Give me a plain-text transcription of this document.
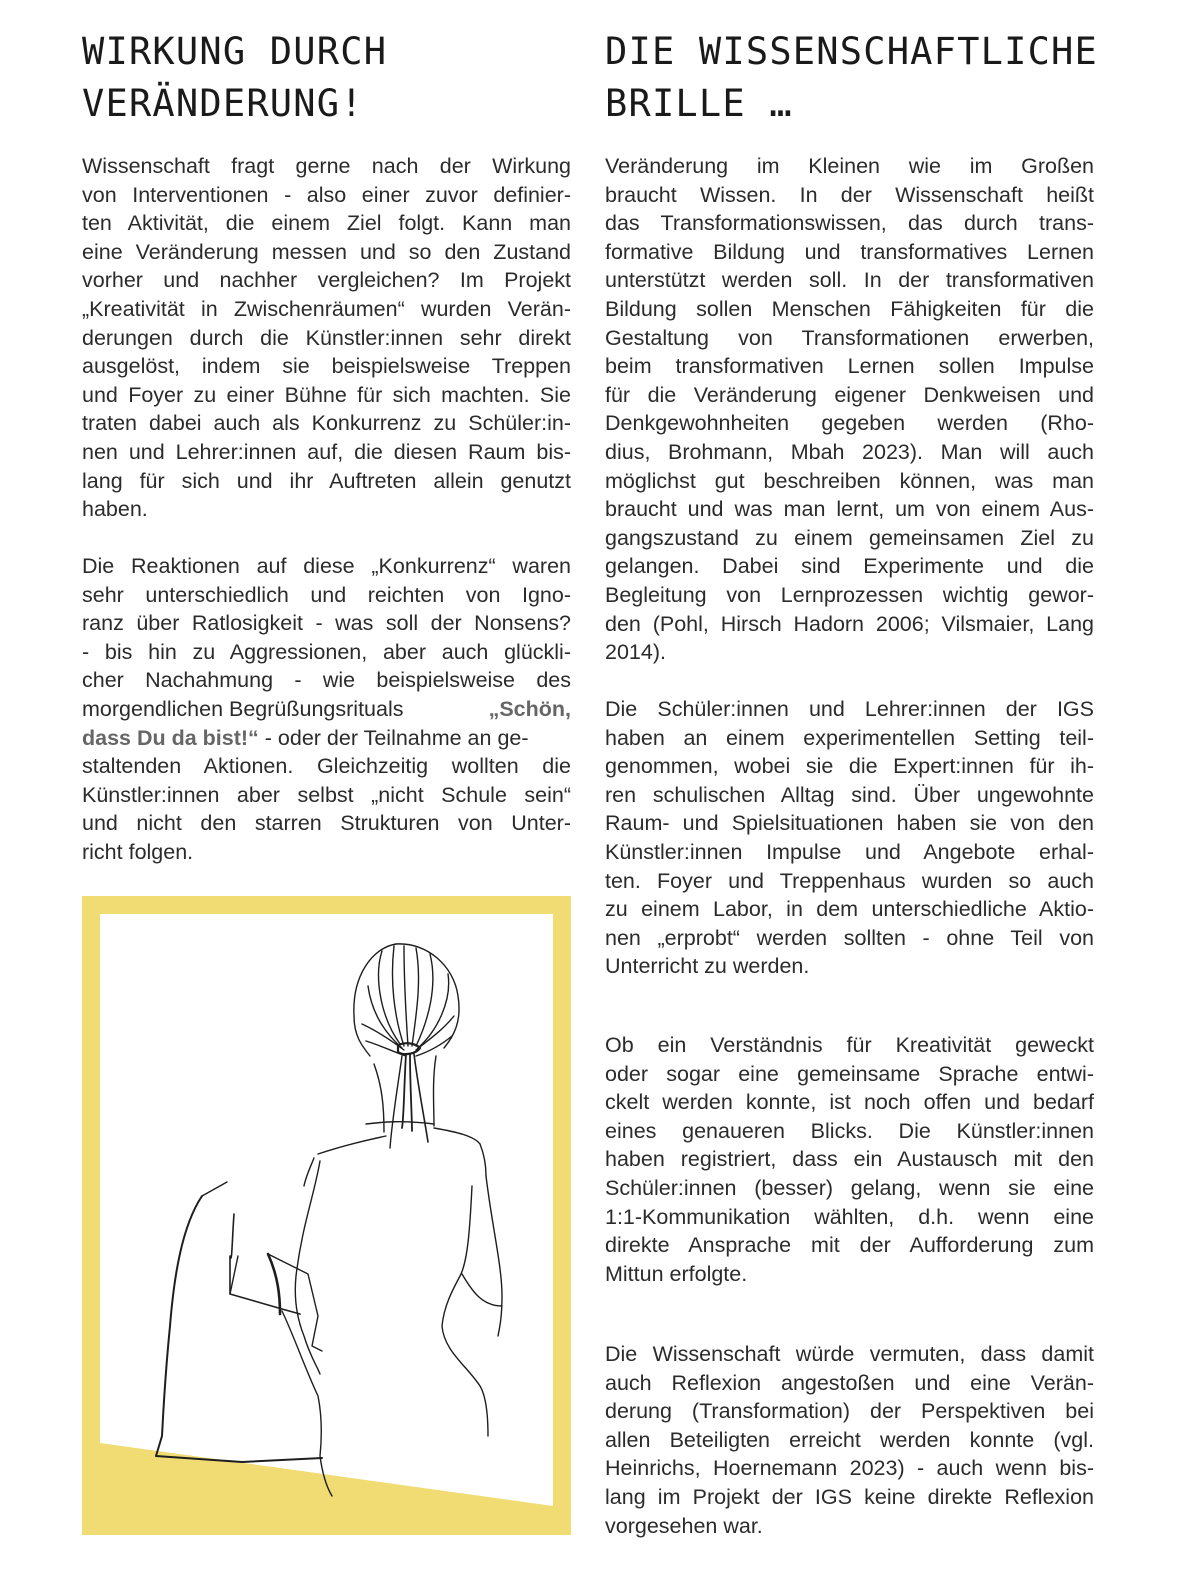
WIRKUNG DURCH
VERÄNDERUNG!
Wissenschaft fragt gerne nach der Wirkung
von Interventionen - also einer zuvor definier-
ten Aktivität, die einem Ziel folgt. Kann man
eine Veränderung messen und so den Zustand
vorher und nachher vergleichen? Im Projekt
„Kreativität in Zwischenräumen“ wurden Verän-
derungen durch die Künstler:innen sehr direkt
ausgelöst, indem sie beispielsweise Treppen
und Foyer zu einer Bühne für sich machten. Sie
traten dabei auch als Konkurrenz zu Schüler:in-
nen und Lehrer:innen auf, die diesen Raum bis-
lang für sich und ihr Auftreten allein genutzt
haben.
Die Reaktionen auf diese „Konkurrenz“ waren
sehr unterschiedlich und reichten von Igno-
ranz über Ratlosigkeit - was soll der Nonsens?
- bis hin zu Aggressionen, aber auch glückli-
cher Nachahmung - wie beispielsweise des
morgendlichen Begrüßungsrituals	„Schön,
dass Du da bist!“ - oder der Teilnahme an ge-
staltenden Aktionen. Gleichzeitig wollten die
Künstler:innen aber selbst „nicht Schule sein“
und nicht den starren Strukturen von Unter-
richt folgen.
DIE WISSENSCHAFTLICHE
BRILLE …
Veränderung im Kleinen wie im Großen
braucht Wissen. In der Wissenschaft heißt
das Transformationswissen, das durch trans-
formative Bildung und transformatives Lernen
unterstützt werden soll. In der transformativen
Bildung sollen Menschen Fähigkeiten für die
Gestaltung von Transformationen erwerben,
beim transformativen Lernen sollen Impulse
für die Veränderung eigener Denkweisen und
Denkgewohnheiten gegeben werden (Rho-
dius, Brohmann, Mbah 2023). Man will auch
möglichst gut beschreiben können, was man
braucht und was man lernt, um von einem Aus-
gangszustand zu einem gemeinsamen Ziel zu
gelangen. Dabei sind Experimente und die
Begleitung von Lernprozessen wichtig gewor-
den (Pohl, Hirsch Hadorn 2006; Vilsmaier, Lang
2014).
Die Schüler:innen und Lehrer:innen der IGS
haben an einem experimentellen Setting teil-
genommen, wobei sie die Expert:innen für ih-
ren schulischen Alltag sind. Über ungewohnte
Raum- und Spielsituationen haben sie von den
Künstler:innen Impulse und Angebote erhal-
ten. Foyer und Treppenhaus wurden so auch
zu einem Labor, in dem unterschiedliche Aktio-
nen „erprobt“ werden sollten - ohne Teil von
Unterricht zu werden.
Ob ein Verständnis für Kreativität geweckt
oder sogar eine gemeinsame Sprache entwi-
ckelt werden konnte, ist noch offen und bedarf
eines genaueren Blicks. Die Künstler:innen
haben registriert, dass ein Austausch mit den
Schüler:innen (besser) gelang, wenn sie eine
1:1-Kommunikation wählten, d.h. wenn eine
direkte Ansprache mit der Aufforderung zum
Mittun erfolgte.
Die Wissenschaft würde vermuten, dass damit
auch Reflexion angestoßen und eine Verän-
derung (Transformation) der Perspektiven bei
allen Beteiligten erreicht werden konnte (vgl.
Heinrichs, Hoernemann 2023) - auch wenn bis-
lang im Projekt der IGS keine direkte Reflexion
vorgesehen war.
